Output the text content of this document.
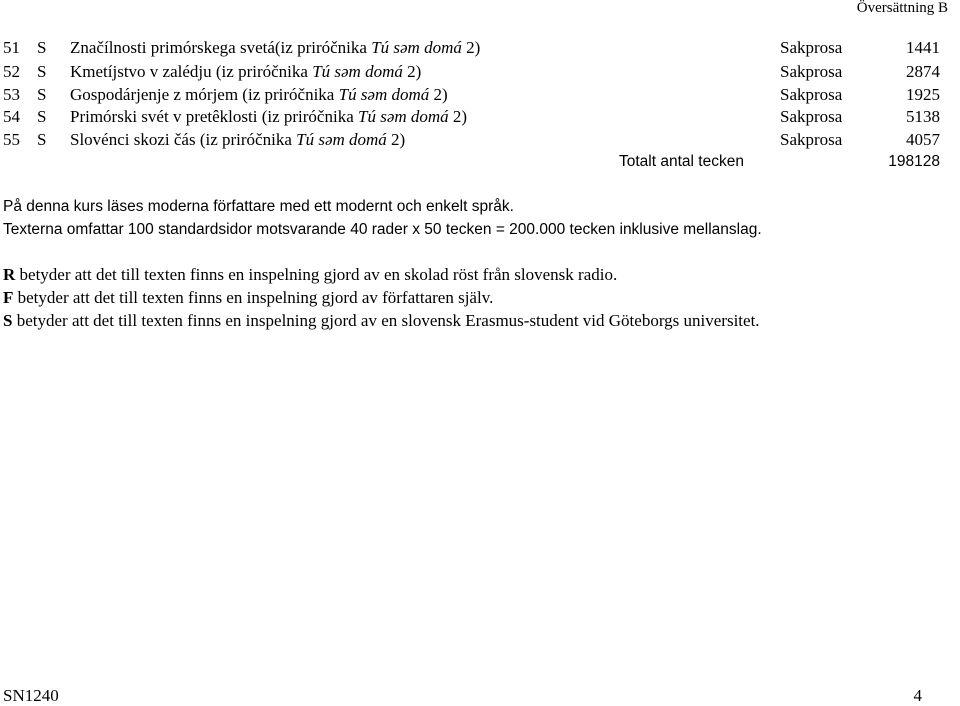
Översättning B
51 S Značílnosti primórskega svetá(iz priróčnika Tú səm domá 2)	Sakprosa	1441
52 S Kmetíjstvo v zalédju (iz priróčnika Tú səm domá 2)	Sakprosa	2874
53 S Gospodárjenje z mórjem (iz priróčnika Tú səm domá 2)	Sakprosa	1925
54 S Primórski svét v pretêklosti (iz priróčnika Tú səm domá 2)	Sakprosa	5138
55 S Slovénci skozi čás (iz priróčnika Tú səm domá 2)	Sakprosa	4057
Totalt antal tecken	198128
På denna kurs läses moderna författare med ett modernt och enkelt språk.
Texterna omfattar 100 standardsidor motsvarande 40 rader x 50 tecken = 200.000 tecken inklusive mellanslag.
R betyder att det till texten finns en inspelning gjord av en skolad röst från slovensk radio.
F betyder att det till texten finns en inspelning gjord av författaren själv.
S betyder att det till texten finns en inspelning gjord av en slovensk Erasmus-student vid Göteborgs universitet.
SN1240	4
